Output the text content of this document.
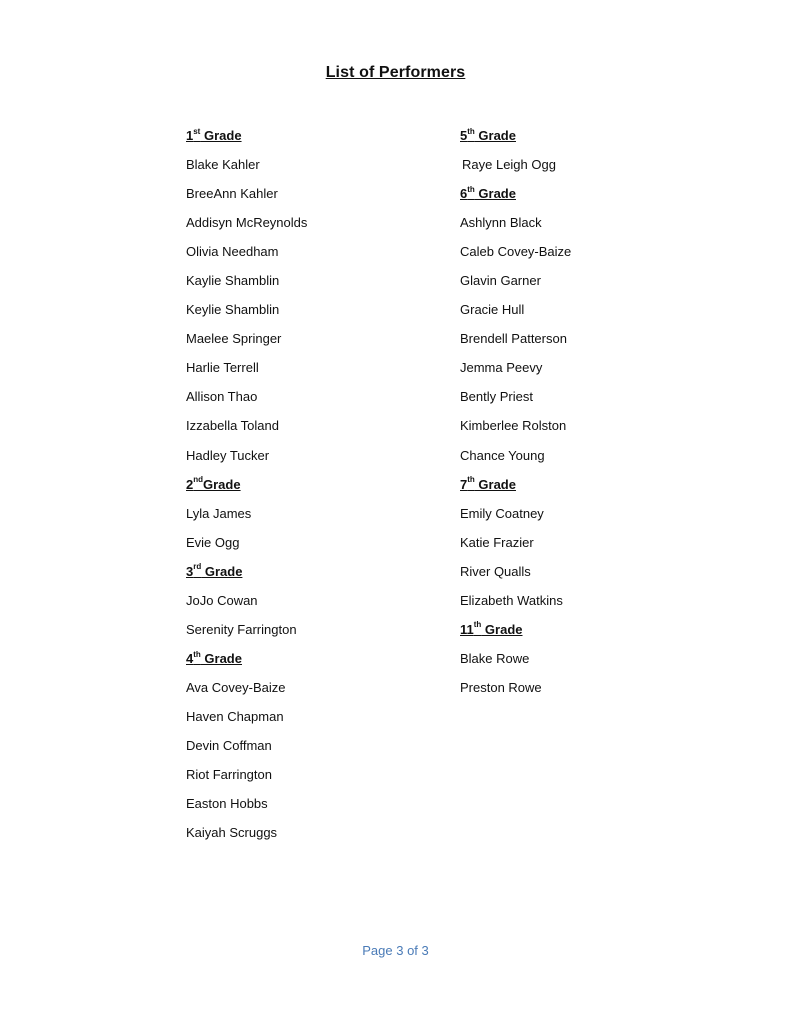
List of Performers
1st Grade
Blake Kahler
BreeAnn Kahler
Addisyn McReynolds
Olivia Needham
Kaylie Shamblin
Keylie Shamblin
Maelee Springer
Harlie Terrell
Allison Thao
Izzabella Toland
Hadley Tucker
2ndGrade
Lyla James
Evie Ogg
3rd Grade
JoJo Cowan
Serenity Farrington
4th Grade
Ava Covey-Baize
Haven Chapman
Devin Coffman
Riot Farrington
Easton Hobbs
Kaiyah Scruggs
5th Grade
Raye Leigh Ogg
6th Grade
Ashlynn Black
Caleb Covey-Baize
Glavin Garner
Gracie Hull
Brendell Patterson
Jemma Peevy
Bently Priest
Kimberlee Rolston
Chance Young
7th Grade
Emily Coatney
Katie Frazier
River Qualls
Elizabeth Watkins
11th Grade
Blake Rowe
Preston Rowe
Page 3 of 3
